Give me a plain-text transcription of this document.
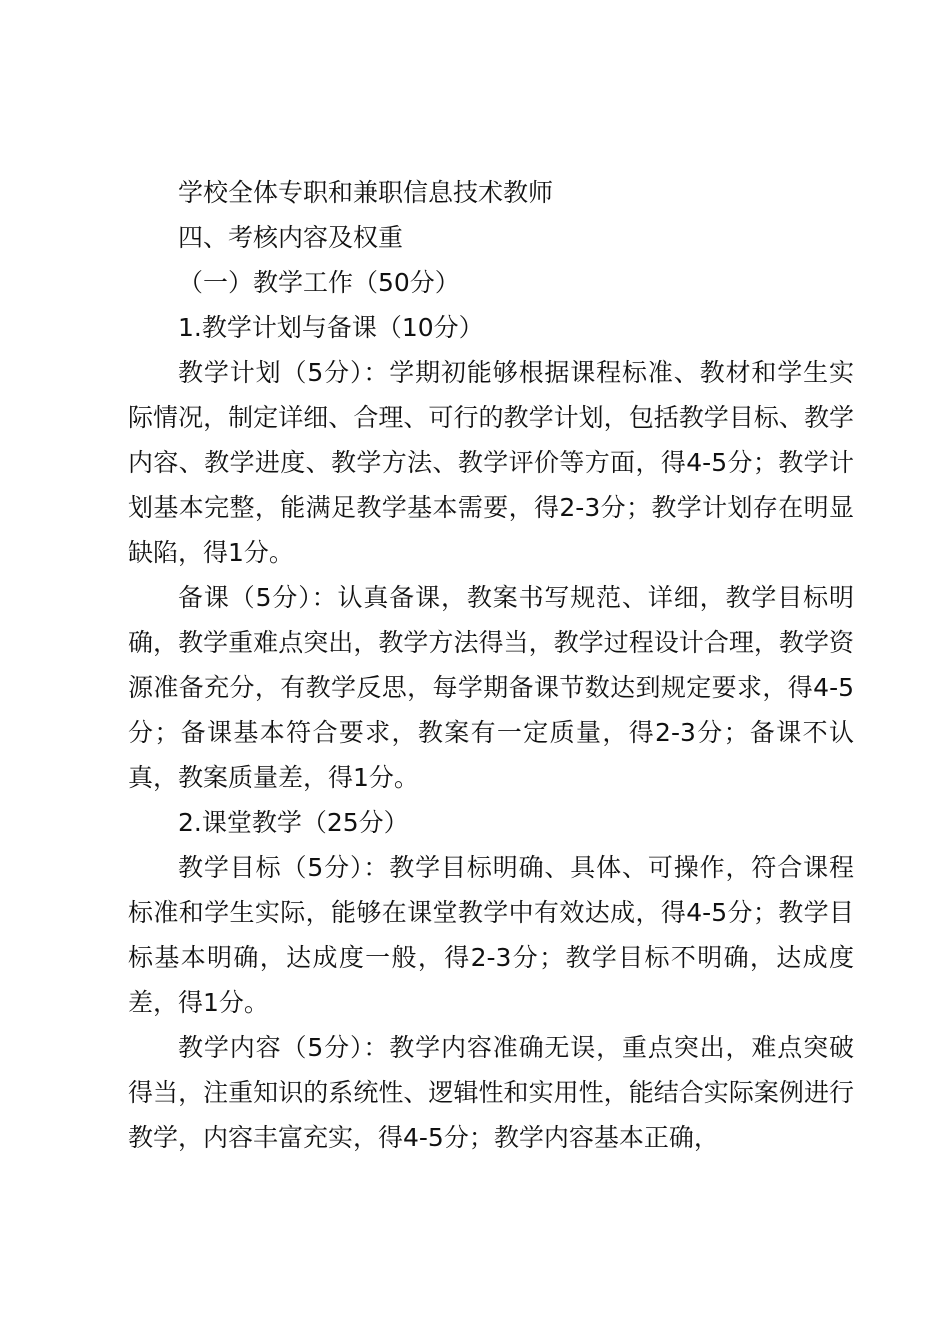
学校全体专职和兼职信息技术教师

四、考核内容及权重

（一）教学工作（50分）

1.教学计划与备课（10分）

教学计划（5分）：学期初能够根据课程标准、教材和学生实际情况，制定详细、合理、可行的教学计划，包括教学目标、教学内容、教学进度、教学方法、教学评价等方面，得4-5分；教学计划基本完整，能满足教学基本需要，得2-3分；教学计划存在明显缺陷，得1分。

备课（5分）：认真备课，教案书写规范、详细，教学目标明确，教学重难点突出，教学方法得当，教学过程设计合理，教学资源准备充分，有教学反思，每学期备课节数达到规定要求，得4-5分；备课基本符合要求，教案有一定质量，得2-3分；备课不认真，教案质量差，得1分。

2.课堂教学（25分）

教学目标（5分）：教学目标明确、具体、可操作，符合课程标准和学生实际，能够在课堂教学中有效达成，得4-5分；教学目标基本明确，达成度一般，得2-3分；教学目标不明确，达成度差，得1分。

教学内容（5分）：教学内容准确无误，重点突出，难点突破得当，注重知识的系统性、逻辑性和实用性，能结合实际案例进行教学，内容丰富充实，得4-5分；教学内容基本正确，
